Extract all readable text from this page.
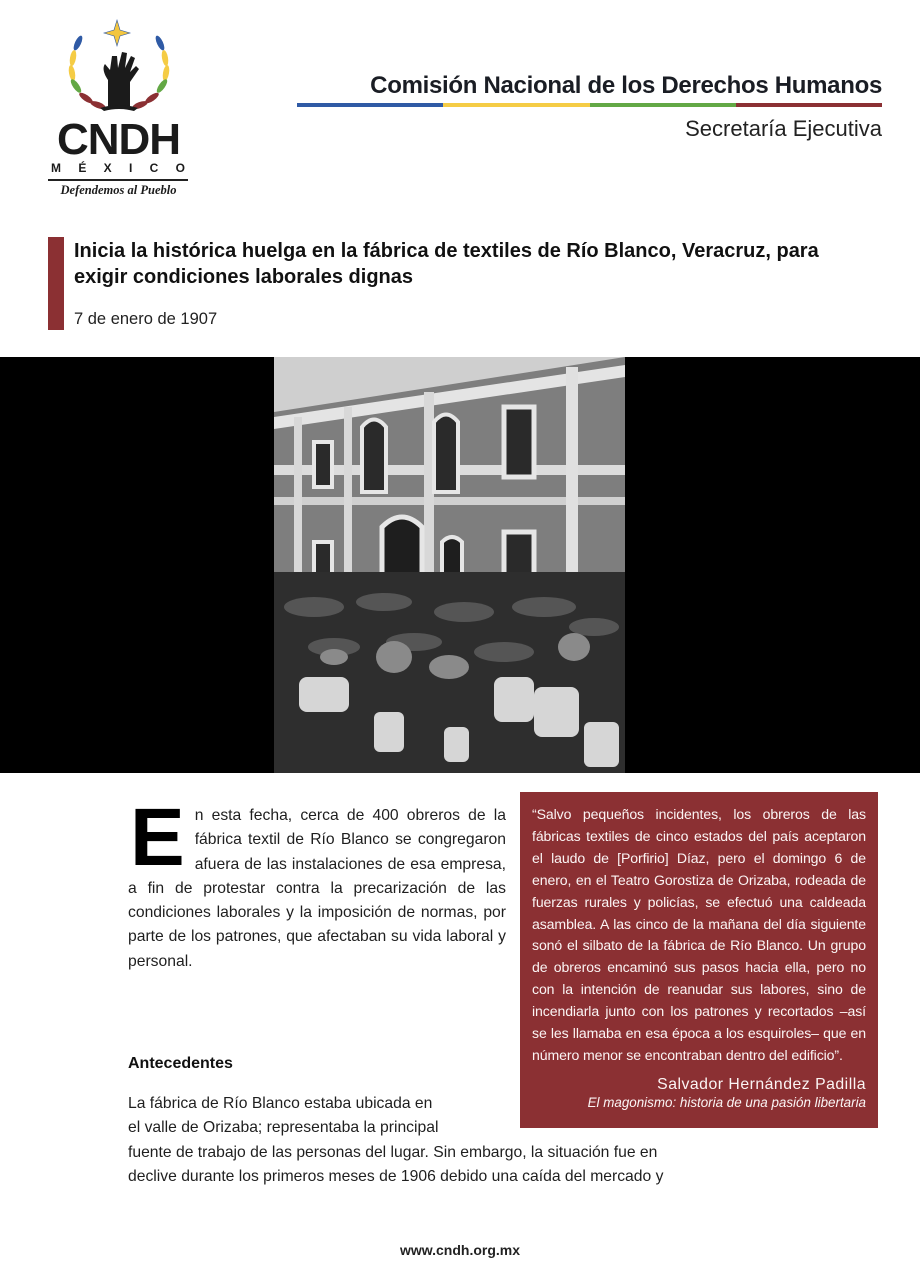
CNDH
M É X I C O
Defendemos al Pueblo
Comisión Nacional de los Derechos Humanos
Secretaría Ejecutiva
Inicia la histórica huelga en la fábrica de textiles de Río Blanco, Veracruz, para exigir condiciones laborales dignas
7 de enero de 1907
En esta fecha, cerca de 400 obreros de la fábrica textil de Río Blanco se congregaron afuera de las instalaciones de esa empresa, a fin de protestar contra la precarización de las condiciones laborales y la imposición de normas, por parte de los patrones, que afectaban su vida laboral y personal.

“Salvo pequeños incidentes, los obreros de las fábricas textiles de cinco estados del país aceptaron el laudo de [Porfirio] Díaz, pero el domingo 6 de enero, en el Teatro Gorostiza de Orizaba, rodeada de fuerzas rurales y policías, se efectuó una caldeada asamblea. A las cinco de la mañana del día siguiente sonó el silbato de la fábrica de Río Blanco. Un grupo de obreros encaminó sus pasos hacia ella, pero no con la intención de reanudar sus labores, sino de incendiarla junto con los patrones y recortados –así se les llamaba en esa época a los esquiroles– que en número menor se encontraban dentro del edificio”.

Salvador Hernández Padilla
El magonismo: historia de una pasión libertaria
Antecedentes
La fábrica de Río Blanco estaba ubicada en
el valle de Orizaba; representaba la principal
fuente de trabajo de las personas del lugar. Sin embargo, la situación fue en
declive durante los primeros meses de 1906 debido una caída del mercado y
www.cndh.org.mx
